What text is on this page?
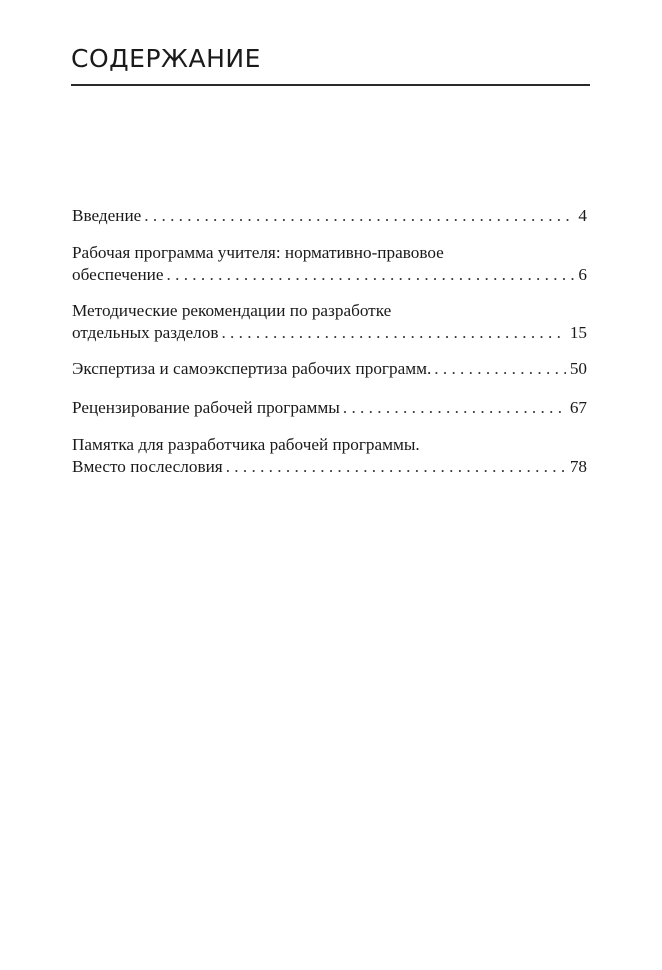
СОДЕРЖАНИЕ
Введение . . .	4
Рабочая программа учителя: нормативно-правовое
обеспечение . . .	6
Методические рекомендации по разработке
отдельных разделов . . .	15
Экспертиза и самоэкспертиза рабочих программ. . . .	50
Рецензирование рабочей программы . . .	67
Памятка для разработчика рабочей программы.
Вместо послесловия . . .	78
